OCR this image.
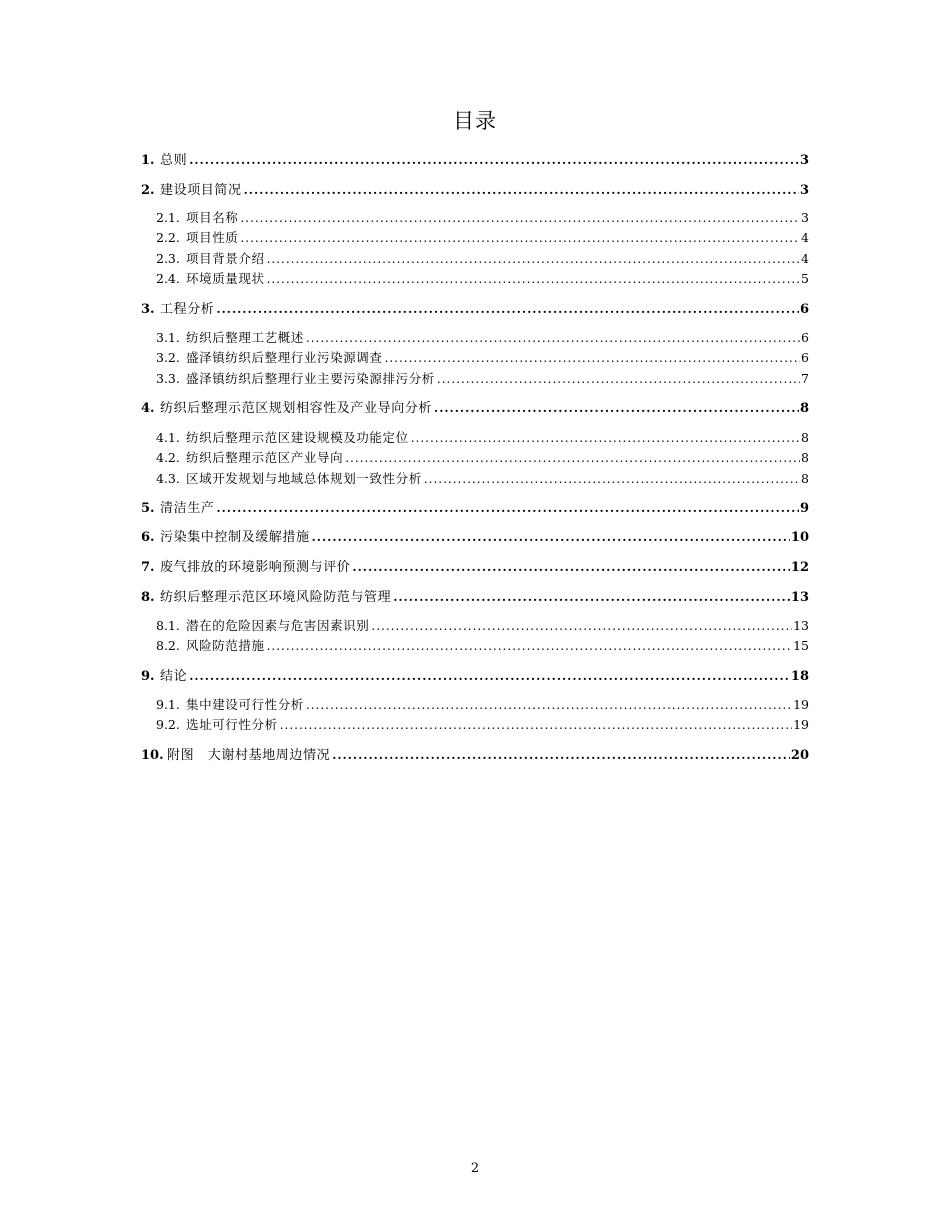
目录
1. 总则 .....	3
2. 建设项目简况 .....	3
2.1. 项目名称 .....	3
2.2. 项目性质 .....	4
2.3. 项目背景介绍 .....	4
2.4. 环境质量现状 .....	5
3. 工程分析 .....	6
3.1. 纺织后整理工艺概述 .....	6
3.2. 盛泽镇纺织后整理行业污染源调查 .....	6
3.3. 盛泽镇纺织后整理行业主要污染源排污分析 .....	7
4. 纺织后整理示范区规划相容性及产业导向分析 .....	8
4.1. 纺织后整理示范区建设规模及功能定位 .....	8
4.2. 纺织后整理示范区产业导向 .....	8
4.3. 区域开发规划与地域总体规划一致性分析 .....	8
5. 清洁生产 .....	9
6. 污染集中控制及缓解措施 .....	10
7. 废气排放的环境影响预测与评价 .....	12
8. 纺织后整理示范区环境风险防范与管理 .....	13
8.1. 潜在的危险因素与危害因素识别 .....	13
8.2. 风险防范措施 .....	15
9. 结论 .....	18
9.1. 集中建设可行性分析 .....	19
9.2. 选址可行性分析 .....	19
10. 附图　大谢村基地周边情况 .....	20
2
